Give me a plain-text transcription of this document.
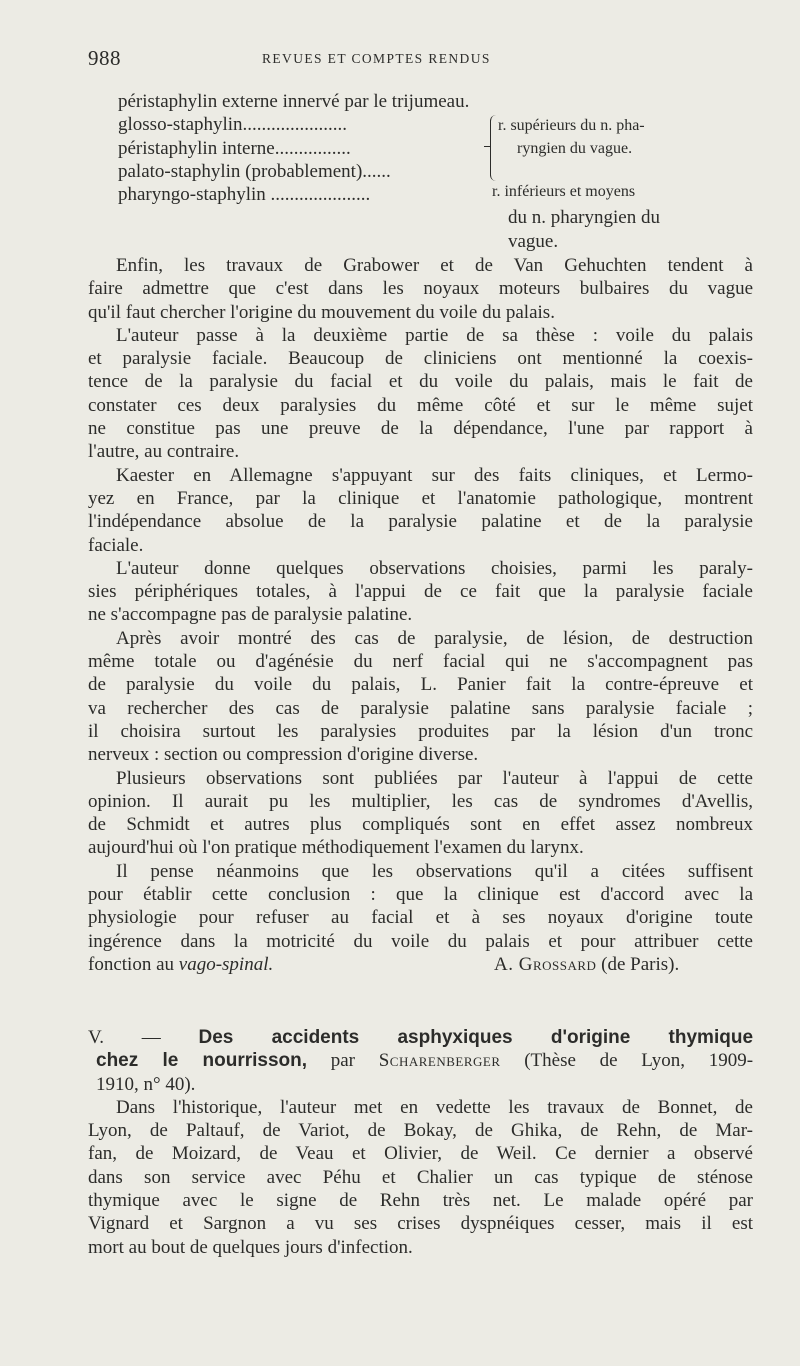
988	REVUES ET COMPTES RENDUS
péristaphylin externe innervé par le trijumeau.
glosso-staphylin......................
péristaphylin interne................
palato-staphylin (probablement)......
pharyngo-staphylin .....................
r. supérieurs du n. pha-
ryngien du vague.
r. inférieurs et moyens
du n. pharyngien du
vague.
Enfin, les travaux de Grabower et de Van Gehuchten tendent à
faire admettre que c'est dans les noyaux moteurs bulbaires du vague
qu'il faut chercher l'origine du mouvement du voile du palais.
L'auteur passe à la deuxième partie de sa thèse : voile du palais
et paralysie faciale. Beaucoup de cliniciens ont mentionné la coexis-
tence de la paralysie du facial et du voile du palais, mais le fait de
constater ces deux paralysies du même côté et sur le même sujet
ne constitue pas une preuve de la dépendance, l'une par rapport à
l'autre, au contraire.
Kaester en Allemagne s'appuyant sur des faits cliniques, et Lermo-
yez en France, par la clinique et l'anatomie pathologique, montrent
l'indépendance absolue de la paralysie palatine et de la paralysie
faciale.
L'auteur donne quelques observations choisies, parmi les paraly-
sies périphériques totales, à l'appui de ce fait que la paralysie faciale
ne s'accompagne pas de paralysie palatine.
Après avoir montré des cas de paralysie, de lésion, de destruction
même totale ou d'agénésie du nerf facial qui ne s'accompagnent pas
de paralysie du voile du palais, L. Panier fait la contre-épreuve et
va rechercher des cas de paralysie palatine sans paralysie faciale ;
il choisira surtout les paralysies produites par la lésion d'un tronc
nerveux : section ou compression d'origine diverse.
Plusieurs observations sont publiées par l'auteur à l'appui de cette
opinion. Il aurait pu les multiplier, les cas de syndromes d'Avellis,
de Schmidt et autres plus compliqués sont en effet assez nombreux
aujourd'hui où l'on pratique méthodiquement l'examen du larynx.
Il pense néanmoins que les observations qu'il a citées suffisent
pour établir cette conclusion : que la clinique est d'accord avec la
physiologie pour refuser au facial et à ses noyaux d'origine toute
ingérence dans la motricité du voile du palais et pour attribuer cette
fonction au vago-spinal.	A. Grossard (de Paris).
V. — Des accidents asphyxiques d'origine thymique
chez le nourrisson, par Scharenberger (Thèse de Lyon, 1909-
1910, n° 40).
Dans l'historique, l'auteur met en vedette les travaux de Bonnet, de
Lyon, de Paltauf, de Variot, de Bokay, de Ghika, de Rehn, de Mar-
fan, de Moizard, de Veau et Olivier, de Weil. Ce dernier a observé
dans son service avec Péhu et Chalier un cas typique de sténose
thymique avec le signe de Rehn très net. Le malade opéré par
Vignard et Sargnon a vu ses crises dyspnéiques cesser, mais il est
mort au bout de quelques jours d'infection.
